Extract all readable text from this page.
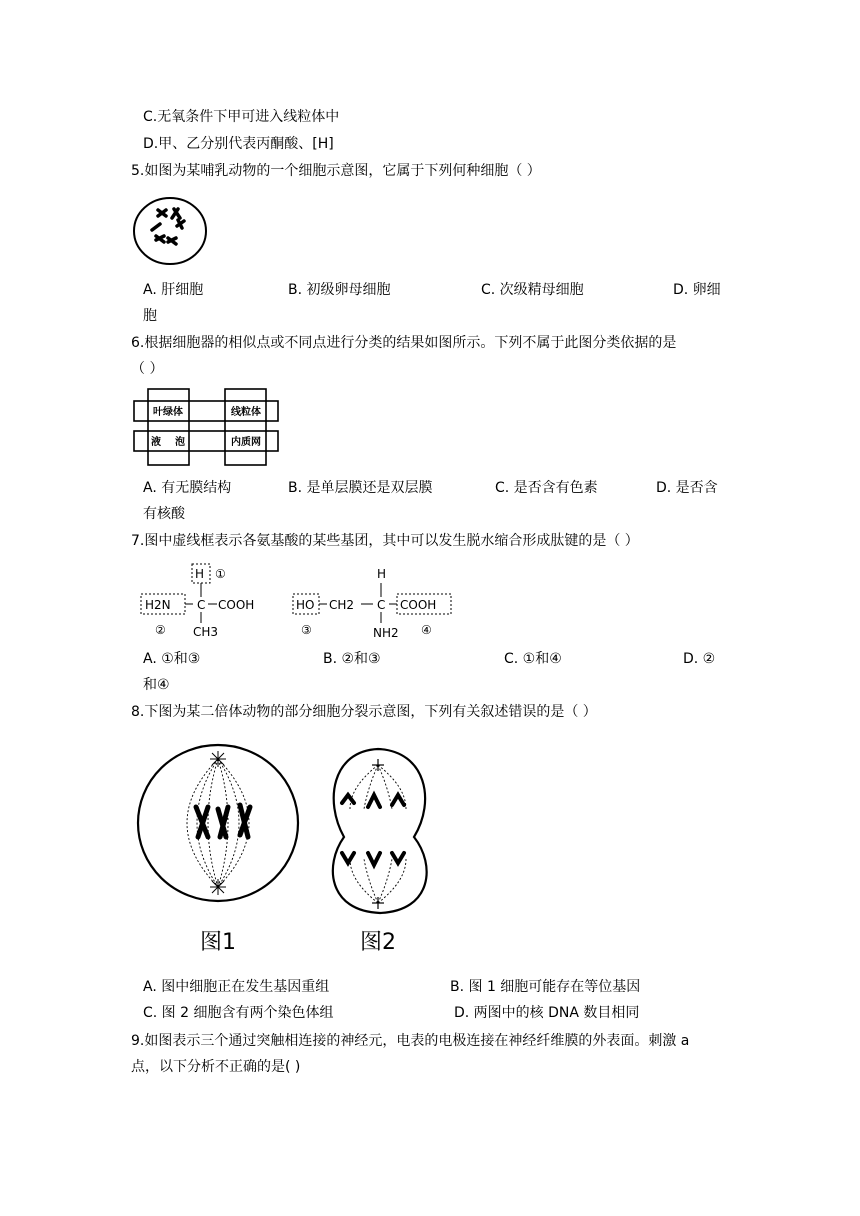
C.无氧条件下甲可进入线粒体中
D.甲、乙分别代表丙酮酸、[H]
5.如图为某哺乳动物的一个细胞示意图，它属于下列何种细胞（ ）
A. 肝细胞	B. 初级卵母细胞	C. 次级精母细胞	D. 卵细
胞
6.根据细胞器的相似点或不同点进行分类的结果如图所示。下列不属于此图分类依据的是
（ ）
叶绿体	线粒体
液    泡	内质网
A. 有无膜结构	B. 是单层膜还是双层膜	C. 是否含有色素	D. 是否含
有核酸
7.图中虚线框表示各氨基酸的某些基团，其中可以发生脱水缩合形成肽键的是（ ）
H ①
H2N C COOH
CH3
②
H
HO CH2 C COOH
NH2
③	④
A. ①和③	B. ②和③	C. ①和④	D. ②
和④
8.下图为某二倍体动物的部分细胞分裂示意图，下列有关叙述错误的是（ ）
图1	图2
A. 图中细胞正在发生基因重组	B. 图 1 细胞可能存在等位基因
C. 图 2 细胞含有两个染色体组	D. 两图中的核 DNA 数目相同
9.如图表示三个通过突触相连接的神经元，电表的电极连接在神经纤维膜的外表面。刺激 a
点，以下分析不正确的是( )
